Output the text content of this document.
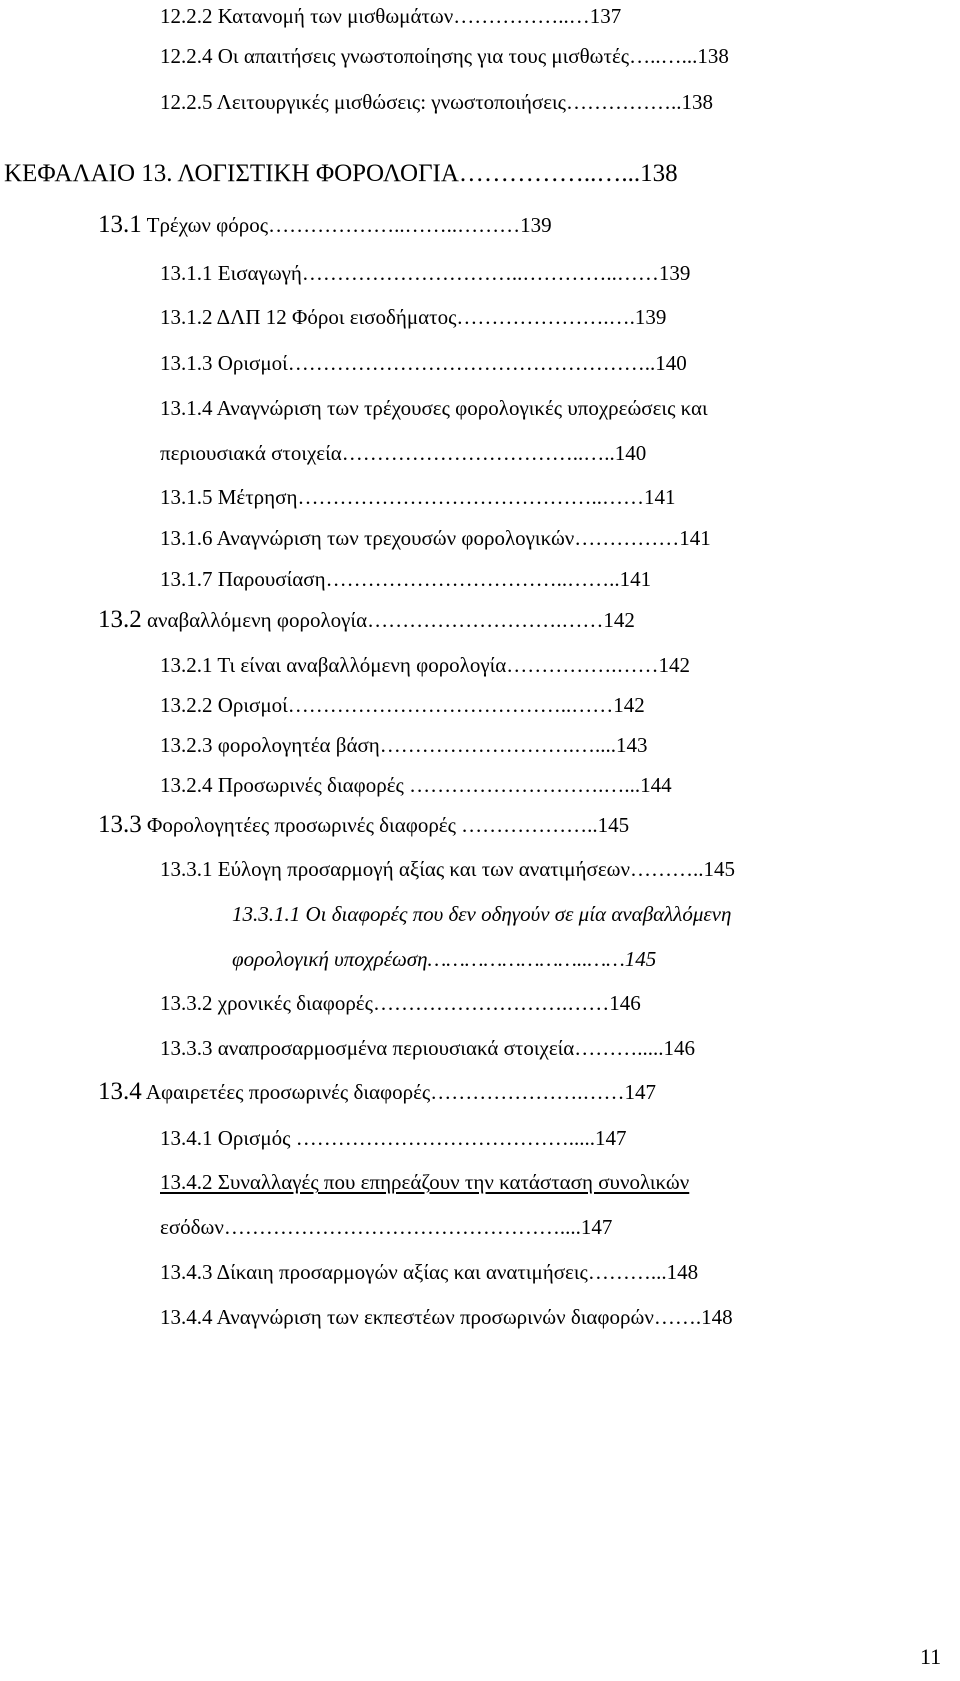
12.2.2 Κατανομή των μισθωμάτων……………..…137
12.2.4 Οι απαιτήσεις γνωστοποίησης για τους μισθωτές…..…...138
12.2.5 Λειτουργικές μισθώσεις: γνωστοποιήσεις……………..138
ΚΕΦΑΛΑΙΟ 13. ΛΟΓΙΣΤΙΚΗ ΦΟΡΟΛΟΓΙΑ……………..…...138
13.1 Τρέχων φόρος………………..……..………139
13.1.1 Εισαγωγή…………………………..…………..……139
13.1.2 ΔΛΠ 12 Φόροι εισοδήματος………………….….139
13.1.3 Ορισμοί……………………………………………..140
13.1.4 Αναγνώριση των τρέχουσες φορολογικές υποχρεώσεις και
περιουσιακά στοιχεία……………………………..…..140
13.1.5 Μέτρηση……………………………………..……141
13.1.6 Αναγνώριση των τρεχουσών φορολογικών……………141
13.1.7 Παρουσίαση……………………………..……..141
13.2 αναβαλλόμενη φορολογία……………………….……142
13.2.1 Τι είναι αναβαλλόμενη φορολογία…………….……142
13.2.2 Ορισμοί…………………………………..……142
13.2.3 φορολογητέα βάση……………………….…....143
13.2.4 Προσωρινές διαφορές ……………………….…...144
13.3 Φορολογητέες προσωρινές διαφορές ………………..145
13.3.1 Εύλογη προσαρμογή αξίας και των ανατιμήσεων………..145
13.3.1.1 Οι διαφορές που δεν οδηγούν σε μία αναβαλλόμενη
φορολογική υποχρέωση……………………..……145
13.3.2 χρονικές διαφορές……………………….……146
13.3.3 αναπροσαρμοσμένα περιουσιακά στοιχεία……….....146
13.4 Αφαιρετέες προσωρινές διαφορές………………….……147
13.4.1 Ορισμός ………………………………….....147
13.4.2 Συναλλαγές που επηρεάζουν την κατάσταση συνολικών
εσόδων…………………………………………....147
13.4.3 Δίκαιη προσαρμογών αξίας και ανατιμήσεις………...148
13.4.4 Αναγνώριση των εκπεστέων προσωρινών διαφορών…….148
11
